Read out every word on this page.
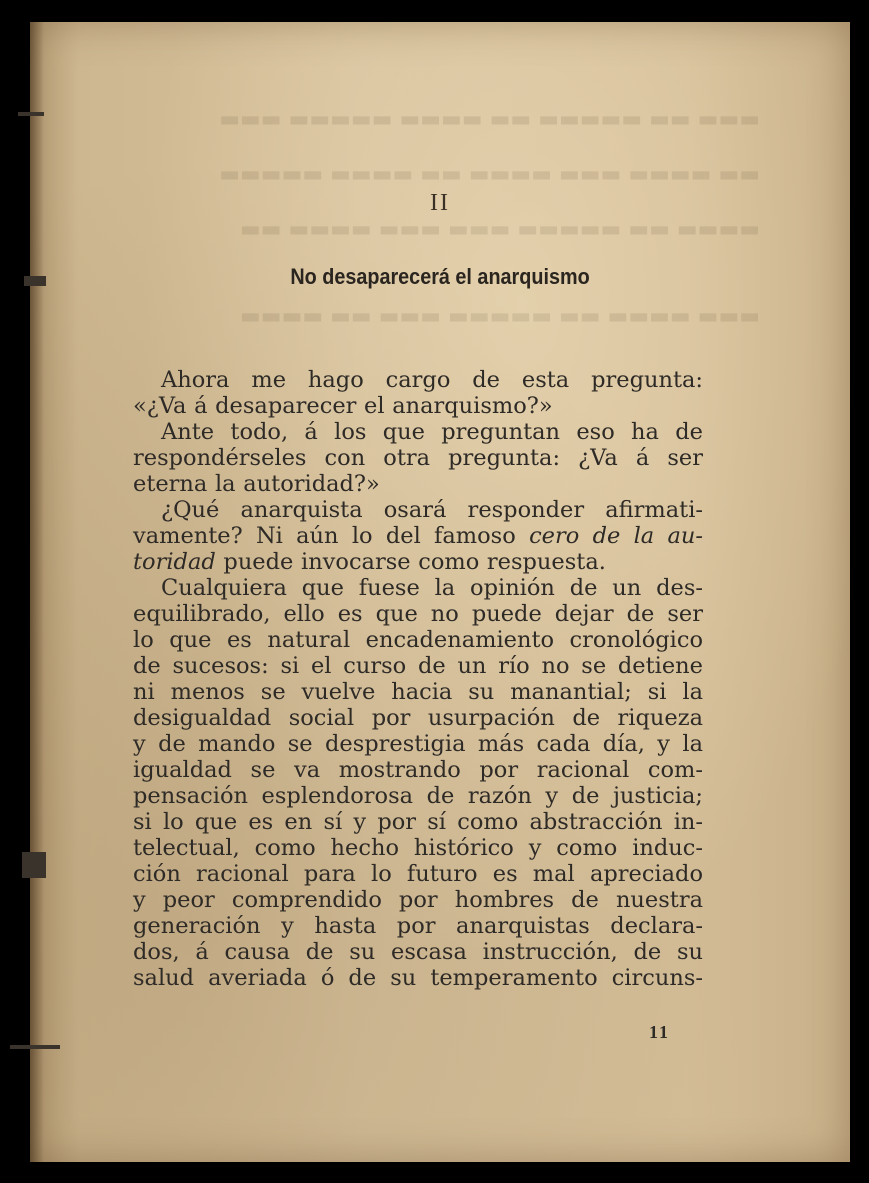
▬▬▬ ▬▬ ▬▬▬▬▬ ▬▬ ▬▬▬▬ ▬▬▬▬▬ ▬▬▬
▬▬ ▬▬▬▬ ▬▬▬ ▬▬▬▬ ▬▬ ▬▬▬▬ ▬▬▬▬▬
▬▬▬▬ ▬▬ ▬▬▬▬▬ ▬▬▬ ▬▬▬ ▬▬▬▬ ▬▬
▬▬▬ ▬▬▬▬ ▬▬ ▬▬▬▬▬ ▬▬▬ ▬▬ ▬▬▬▬
II
No desaparecerá el anarquismo
Ahora me hago cargo de esta pregunta:
«¿Va á desaparecer el anarquismo?»
Ante todo, á los que preguntan eso ha de
respondérseles con otra pregunta: ¿Va á ser
eterna la autoridad?»
¿Qué anarquista osará responder afirmati-
vamente? Ni aún lo del famoso cero de la au-
toridad puede invocarse como respuesta.
Cualquiera que fuese la opinión de un des-
equilibrado, ello es que no puede dejar de ser
lo que es natural encadenamiento cronológico
de sucesos: si el curso de un río no se detiene
ni menos se vuelve hacia su manantial; si la
desigualdad social por usurpación de riqueza
y de mando se desprestigia más cada día, y la
igualdad se va mostrando por racional com-
pensación esplendorosa de razón y de justicia;
si lo que es en sí y por sí como abstracción in-
telectual, como hecho histórico y como induc-
ción racional para lo futuro es mal apreciado
y peor comprendido por hombres de nuestra
generación y hasta por anarquistas declara-
dos, á causa de su escasa instrucción, de su
salud averiada ó de su temperamento circuns-
11
